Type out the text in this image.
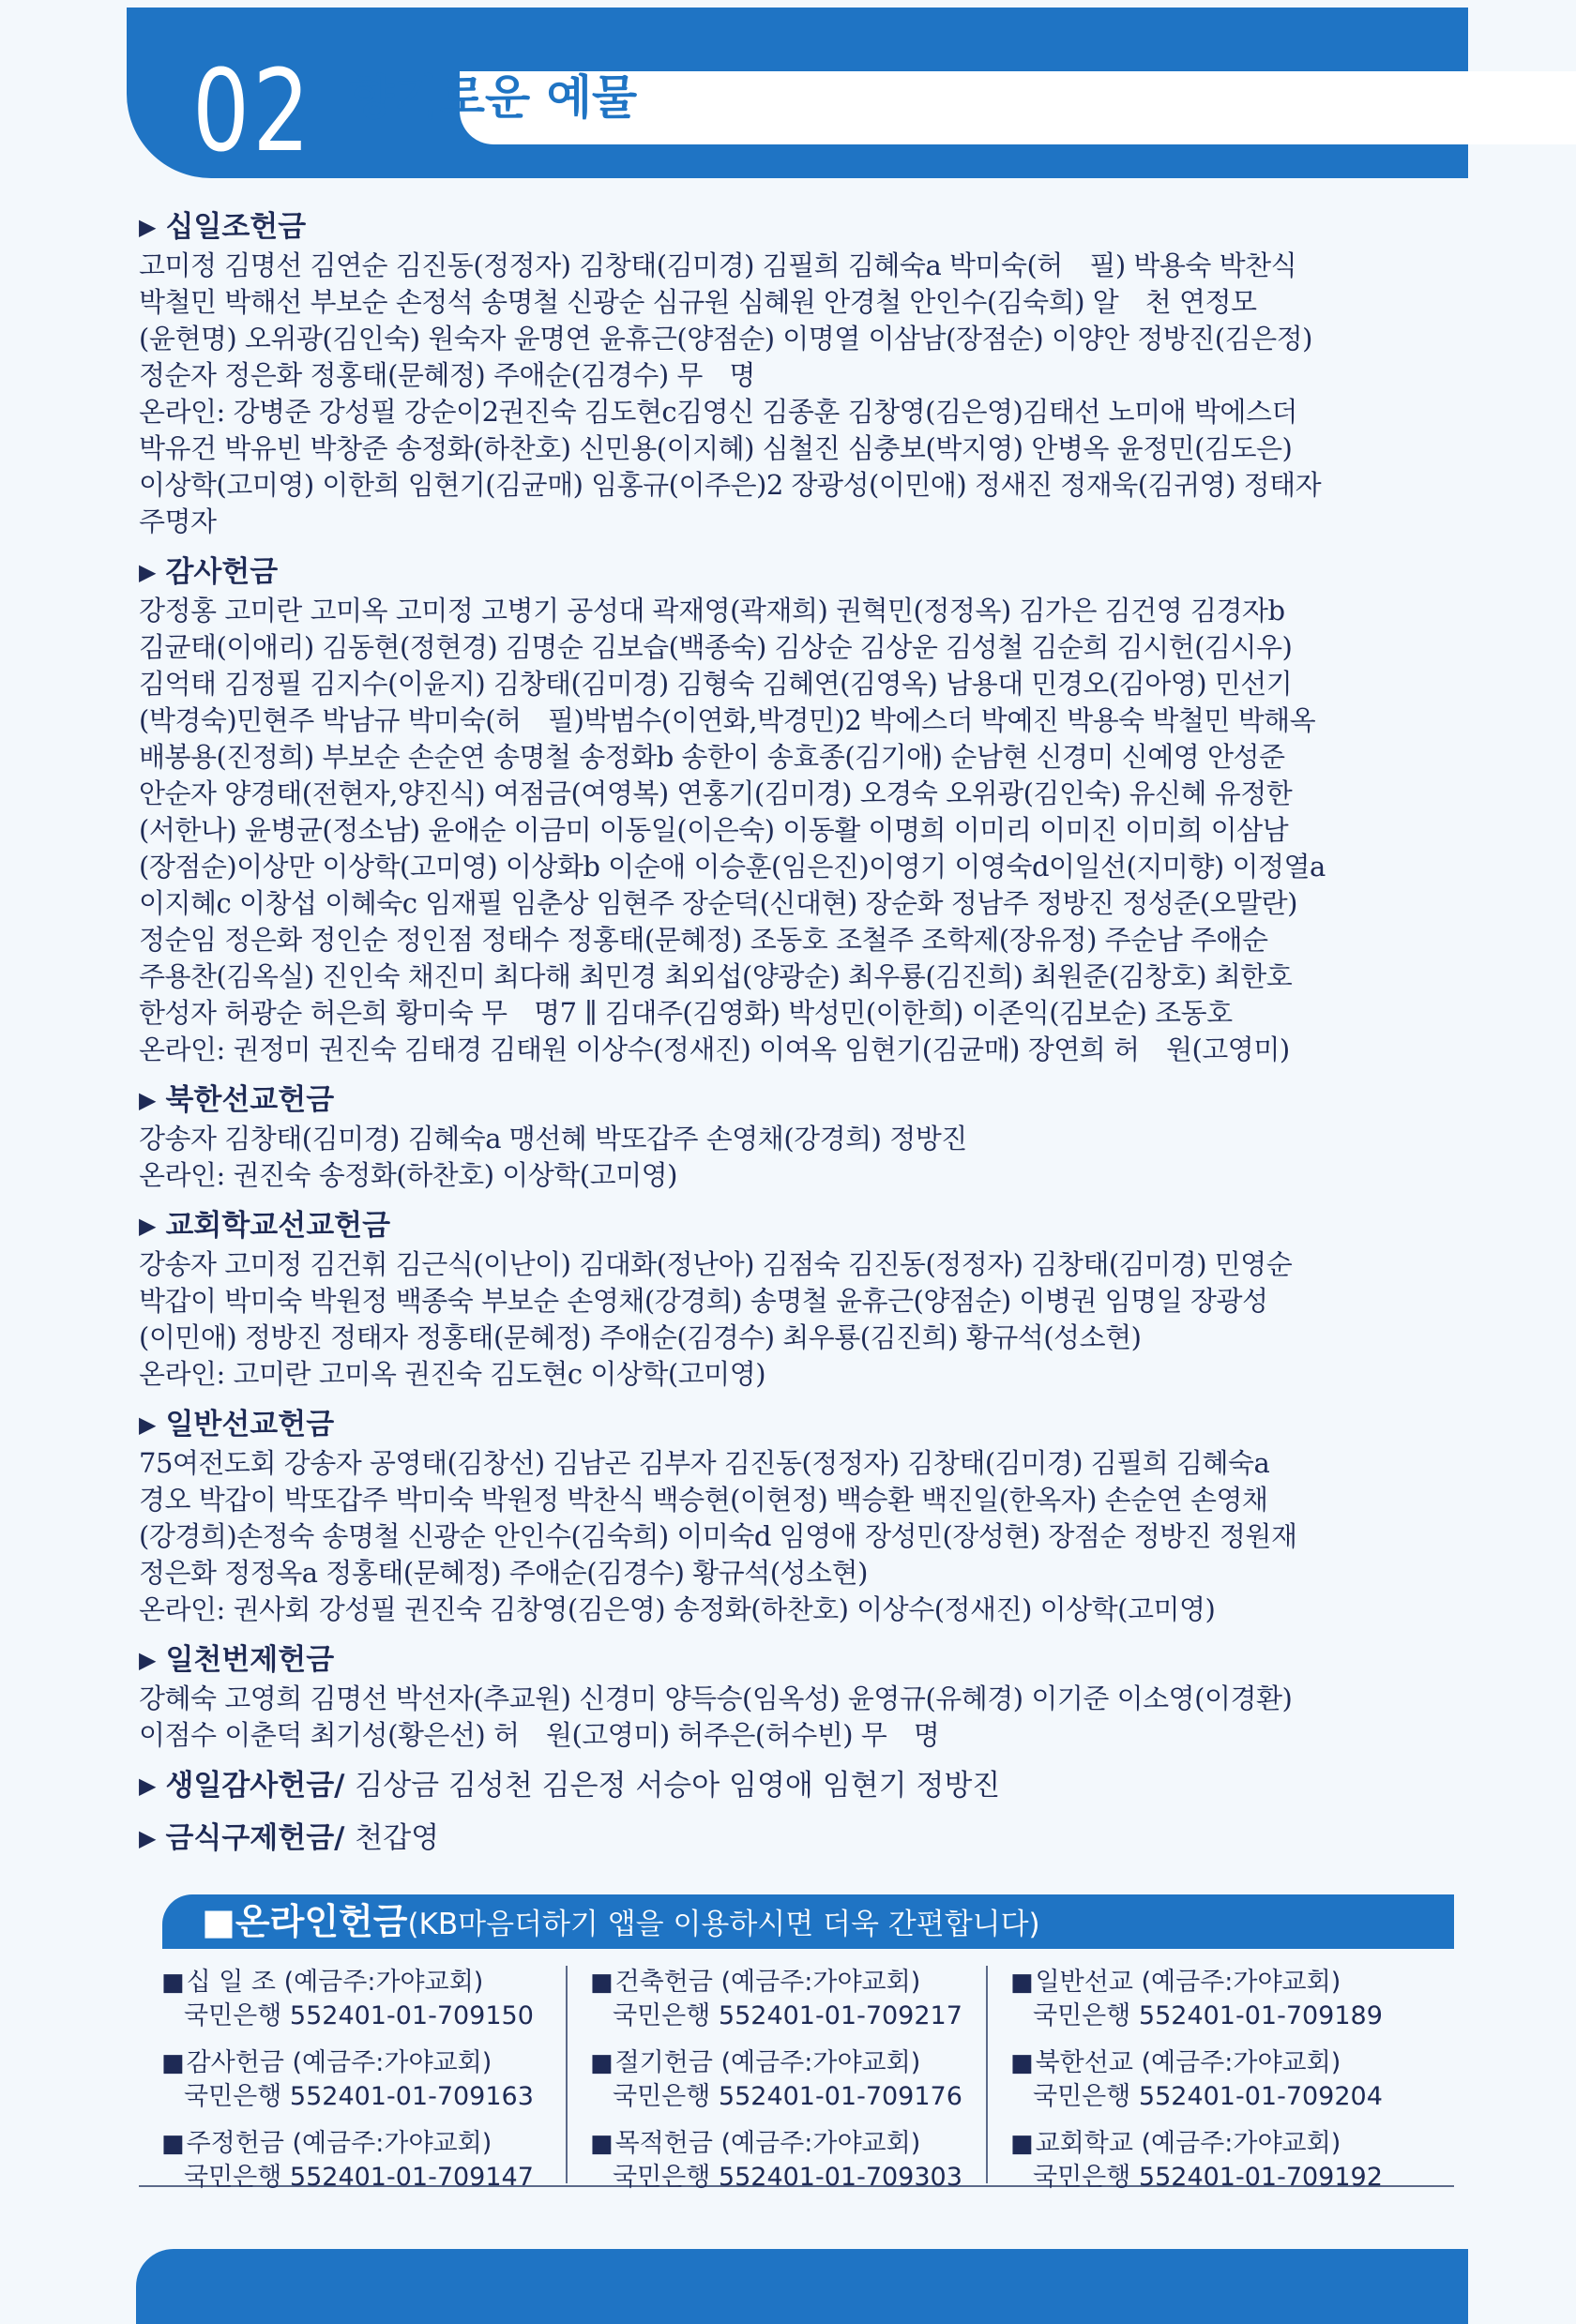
02 향기로운 예물
▶ 십일조헌금
고미정 김명선 김연순 김진동(정정자) 김창태(김미경) 김필희 김혜숙a 박미숙(허　필) 박용숙 박찬식
박철민 박해선 부보순 손정석 송명철 신광순 심규원 심혜원 안경철 안인수(김숙희) 알　천 연정모
(윤현명) 오위광(김인숙) 원숙자 윤명연 윤휴근(양점순) 이명열 이삼남(장점순) 이양안 정방진(김은정)
정순자 정은화 정홍태(문혜정) 주애순(김경수) 무　명
온라인: 강병준 강성필 강순이2권진숙 김도현c김영신 김종훈 김창영(김은영)김태선 노미애 박에스더
박유건 박유빈 박창준 송정화(하찬호) 신민용(이지혜) 심철진 심충보(박지영) 안병옥 윤정민(김도은)
이상학(고미영) 이한희 임현기(김균매) 임홍규(이주은)2 장광성(이민애) 정새진 정재욱(김귀영) 정태자
주명자
▶ 감사헌금
강정홍 고미란 고미옥 고미정 고병기 공성대 곽재영(곽재희) 권혁민(정정옥) 김가은 김건영 김경자b
김균태(이애리) 김동현(정현경) 김명순 김보습(백종숙) 김상순 김상운 김성철 김순희 김시헌(김시우)
김억태 김정필 김지수(이윤지) 김창태(김미경) 김형숙 김혜연(김영옥) 남용대 민경오(김아영) 민선기
(박경숙)민현주 박남규 박미숙(허　필)박범수(이연화,박경민)2 박에스더 박예진 박용숙 박철민 박해옥
배봉용(진정희) 부보순 손순연 송명철 송정화b 송한이 송효종(김기애) 순남현 신경미 신예영 안성준
안순자 양경태(전현자,양진식) 여점금(여영복) 연홍기(김미경) 오경숙 오위광(김인숙) 유신혜 유정한
(서한나) 윤병균(정소남) 윤애순 이금미 이동일(이은숙) 이동활 이명희 이미리 이미진 이미희 이삼남
(장점순)이상만 이상학(고미영) 이상화b 이순애 이승훈(임은진)이영기 이영숙d이일선(지미향) 이정열a
이지혜c 이창섭 이혜숙c 임재필 임춘상 임현주 장순덕(신대현) 장순화 정남주 정방진 정성준(오말란)
정순임 정은화 정인순 정인점 정태수 정홍태(문혜정) 조동호 조철주 조학제(장유정) 주순남 주애순
주용찬(김옥실) 진인숙 채진미 최다해 최민경 최외섭(양광순) 최우룡(김진희) 최원준(김창호) 최한호
한성자 허광순 허은희 황미숙 무　명7 ∥ 김대주(김영화) 박성민(이한희) 이존익(김보순) 조동호
온라인: 권정미 권진숙 김태경 김태원 이상수(정새진) 이여옥 임현기(김균매) 장연희 허　원(고영미)
▶ 북한선교헌금
강송자 김창태(김미경) 김혜숙a 맹선혜 박또갑주 손영채(강경희) 정방진
온라인: 권진숙 송정화(하찬호) 이상학(고미영)
▶ 교회학교선교헌금
강송자 고미정 김건휘 김근식(이난이) 김대화(정난아) 김점숙 김진동(정정자) 김창태(김미경) 민영순
박갑이 박미숙 박원정 백종숙 부보순 손영채(강경희) 송명철 윤휴근(양점순) 이병권 임명일 장광성
(이민애) 정방진 정태자 정홍태(문혜정) 주애순(김경수) 최우룡(김진희) 황규석(성소현)
온라인: 고미란 고미옥 권진숙 김도현c 이상학(고미영)
▶ 일반선교헌금
75여전도회 강송자 공영태(김창선) 김남곤 김부자 김진동(정정자) 김창태(김미경) 김필희 김혜숙a
경오 박갑이 박또갑주 박미숙 박원정 박찬식 백승현(이현정) 백승환 백진일(한옥자) 손순연 손영채
(강경희)손정숙 송명철 신광순 안인수(김숙희) 이미숙d 임영애 장성민(장성현) 장점순 정방진 정원재
정은화 정정옥a 정홍태(문혜정) 주애순(김경수) 황규석(성소현)
온라인: 권사회 강성필 권진숙 김창영(김은영) 송정화(하찬호) 이상수(정새진) 이상학(고미영)
▶ 일천번제헌금
강혜숙 고영희 김명선 박선자(추교원) 신경미 양득승(임옥성) 윤영규(유혜경) 이기준 이소영(이경환)
이점수 이춘덕 최기성(황은선) 허　원(고영미) 허주은(허수빈) 무　명
▶ 생일감사헌금/ 김상금 김성천 김은정 서승아 임영애 임현기 정방진
▶ 금식구제헌금/ 천갑영
■온라인헌금(KB마음더하기 앱을 이용하시면 더욱 간편합니다)
■십 일 조 (예금주:가야교회)
국민은행 552401-01-709150
■감사헌금 (예금주:가야교회)
국민은행 552401-01-709163
■주정헌금 (예금주:가야교회)
국민은행 552401-01-709147
■건축헌금 (예금주:가야교회)
국민은행 552401-01-709217
■절기헌금 (예금주:가야교회)
국민은행 552401-01-709176
■목적헌금 (예금주:가야교회)
국민은행 552401-01-709303
■일반선교 (예금주:가야교회)
국민은행 552401-01-709189
■북한선교 (예금주:가야교회)
국민은행 552401-01-709204
■교회학교 (예금주:가야교회)
국민은행 552401-01-709192
